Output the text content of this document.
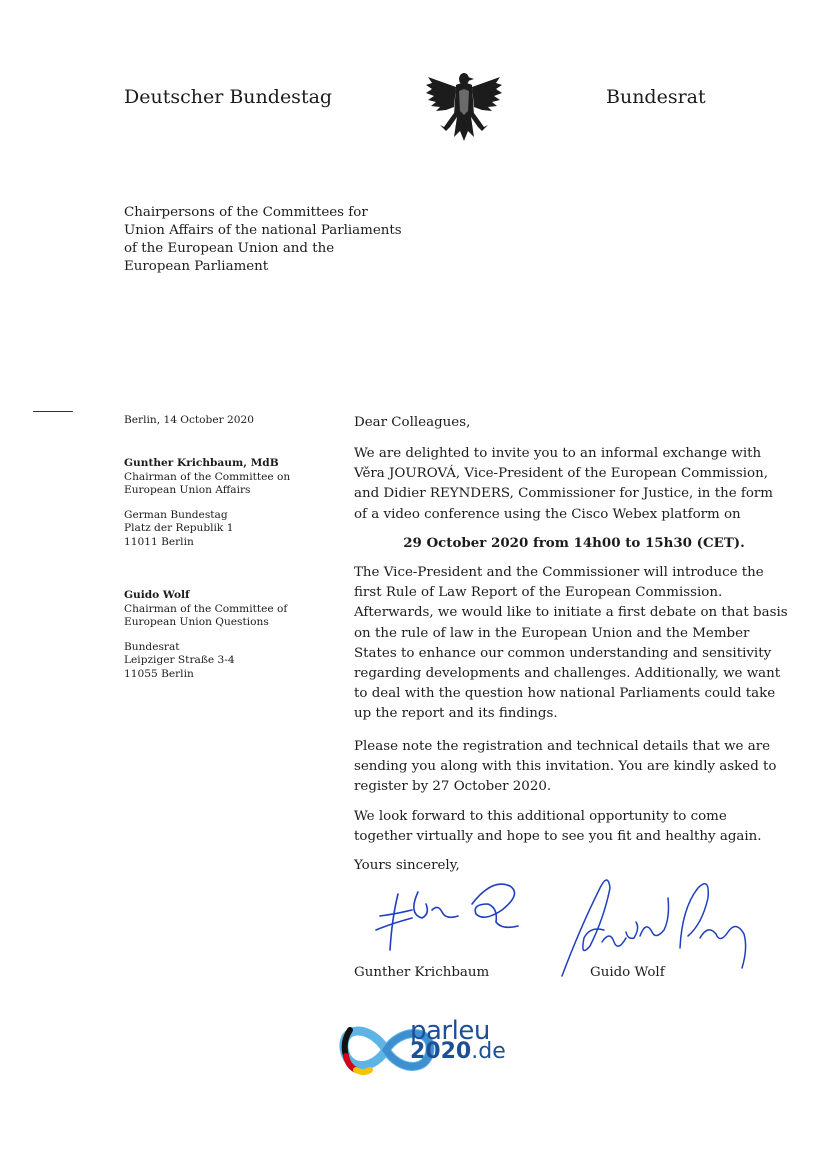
Deutscher Bundestag	Bundesrat
Chairpersons of the Committees for
Union Affairs of the national Parliaments
of the European Union and the
European Parliament
Berlin, 14 October 2020
Gunther Krichbaum, MdB
Chairman of the Committee on
European Union Affairs
German Bundestag
Platz der Republik 1
11011 Berlin
Guido Wolf
Chairman of the Committee of
European Union Questions
Bundesrat
Leipziger Straße 3-4
11055 Berlin
Dear Colleagues,

We are delighted to invite you to an informal exchange with

Věra JOUROVÁ, Vice-President of the European Commission,

and Didier REYNDERS, Commissioner for Justice, in the form

of a video conference using the Cisco Webex platform on

29 October 2020 from 14h00 to 15h30 (CET).

The Vice-President and the Commissioner will introduce the

first Rule of Law Report of the European Commission.

Afterwards, we would like to initiate a first debate on that basis

on the rule of law in the European Union and the Member

States to enhance our common understanding and sensitivity

regarding developments and challenges. Additionally, we want

to deal with the question how national Parliaments could take

up the report and its findings.

Please note the registration and technical details that we are

sending you along with this invitation. You are kindly asked to

register by 27 October 2020.

We look forward to this additional opportunity to come

together virtually and hope to see you fit and healthy again.

Yours sincerely,
Gunther Krichbaum	Guido Wolf
parleu
2020.de
